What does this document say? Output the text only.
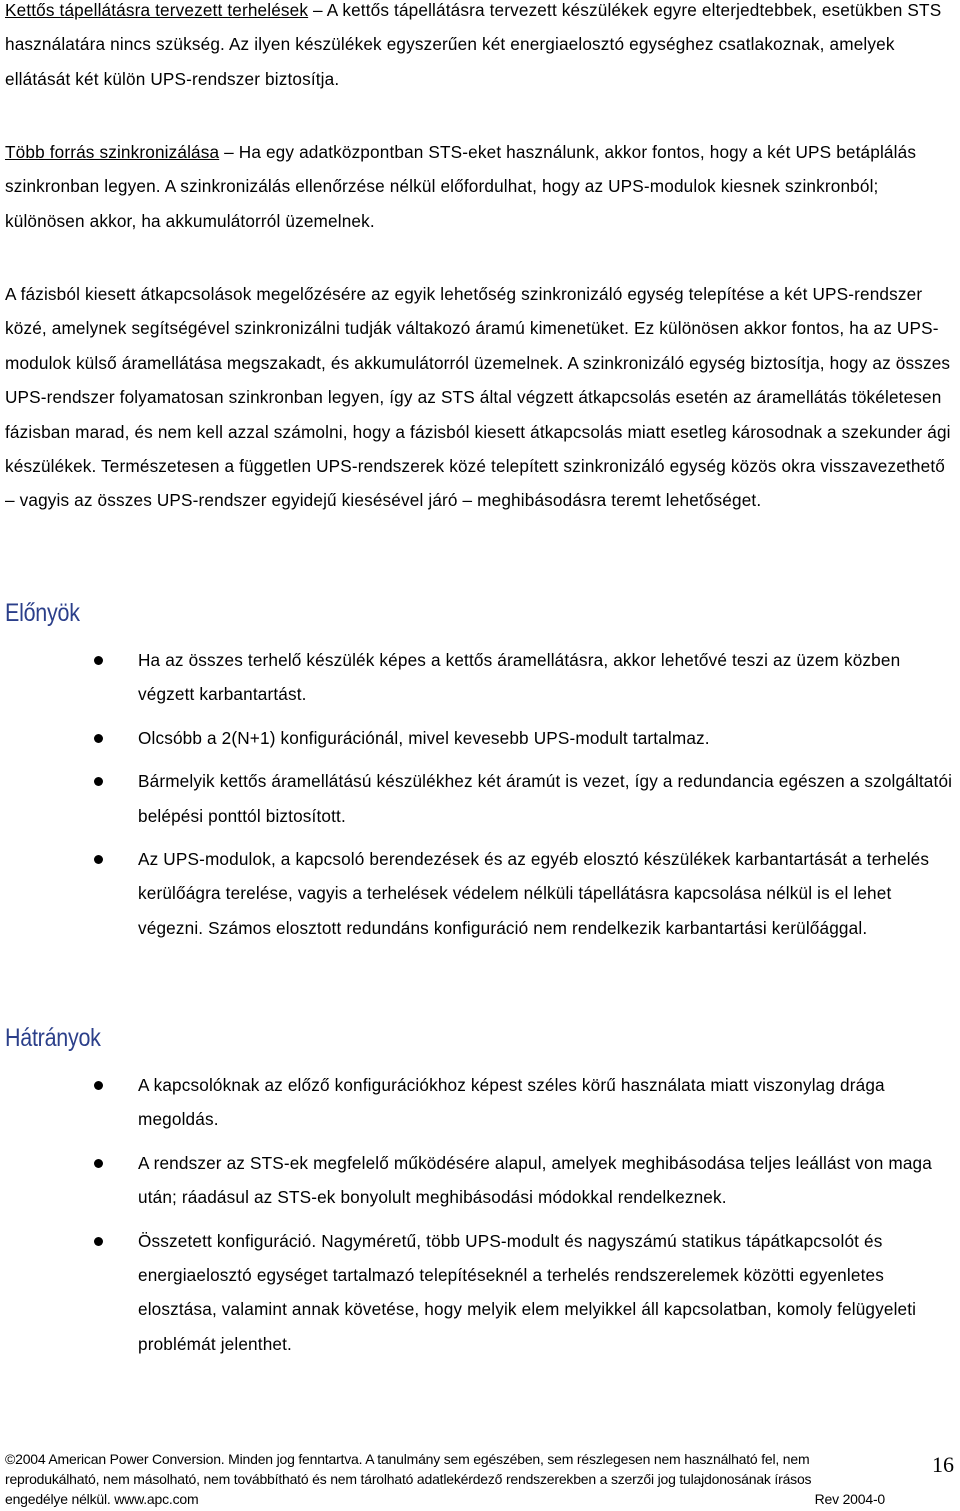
Kettős tápellátásra tervezett terhelések – A kettős tápellátásra tervezett készülékek egyre elterjedtebbek, esetükben STS használatára nincs szükség. Az ilyen készülékek egyszerűen két energiaelosztó egységhez csatlakoznak, amelyek ellátását két külön UPS-rendszer biztosítja.

Több forrás szinkronizálása – Ha egy adatközpontban STS-eket használunk, akkor fontos, hogy a két UPS betáplálás szinkronban legyen. A szinkronizálás ellenőrzése nélkül előfordulhat, hogy az UPS-modulok kiesnek szinkronból; különösen akkor, ha akkumulátorról üzemelnek.

A fázisból kiesett átkapcsolások megelőzésére az egyik lehetőség szinkronizáló egység telepítése a két UPS-rendszer közé, amelynek segítségével szinkronizálni tudják váltakozó áramú kimenetüket. Ez különösen akkor fontos, ha az UPS-modulok külső áramellátása megszakadt, és akkumulátorról üzemelnek. A szinkronizáló egység biztosítja, hogy az összes UPS-rendszer folyamatosan szinkronban legyen, így az STS által végzett átkapcsolás esetén az áramellátás tökéletesen fázisban marad, és nem kell azzal számolni, hogy a fázisból kiesett átkapcsolás miatt esetleg károsodnak a szekunder ági készülékek. Természetesen a független UPS-rendszerek közé telepített szinkronizáló egység közös okra visszavezethető – vagyis az összes UPS-rendszer egyidejű kiesésével járó – meghibásodásra teremt lehetőséget.

Előnyök
Ha az összes terhelő készülék képes a kettős áramellátásra, akkor lehetővé teszi az üzem közben végzett karbantartást.
Olcsóbb a 2(N+1) konfigurációnál, mivel kevesebb UPS-modult tartalmaz.
Bármelyik kettős áramellátású készülékhez két áramút is vezet, így a redundancia egészen a szolgáltatói belépési ponttól biztosított.
Az UPS-modulok, a kapcsoló berendezések és az egyéb elosztó készülékek karbantartását a terhelés kerülőágra terelése, vagyis a terhelések védelem nélküli tápellátásra kapcsolása nélkül is el lehet végezni. Számos elosztott redundáns konfiguráció nem rendelkezik karbantartási kerülőággal.
Hátrányok
A kapcsolóknak az előző konfigurációkhoz képest széles körű használata miatt viszonylag drága megoldás.
A rendszer az STS-ek megfelelő működésére alapul, amelyek meghibásodása teljes leállást von maga után; ráadásul az STS-ek bonyolult meghibásodási módokkal rendelkeznek.
Összetett konfiguráció. Nagyméretű, több UPS-modult és nagyszámú statikus tápátkapcsolót és energiaelosztó egységet tartalmazó telepítéseknél a terhelés rendszerelemek közötti egyenletes elosztása, valamint annak követése, hogy melyik elem melyikkel áll kapcsolatban, komoly felügyeleti problémát jelenthet.
©2004 American Power Conversion. Minden jog fenntartva. A tanulmány sem egészében, sem részlegesen nem használható fel, nem
reprodukálható, nem másolható, nem továbbítható és nem tárolható adatlekérdező rendszerekben a szerzői jog tulajdonosának írásos
engedélye nélkül. www.apc.com	Rev 2004-0
16
